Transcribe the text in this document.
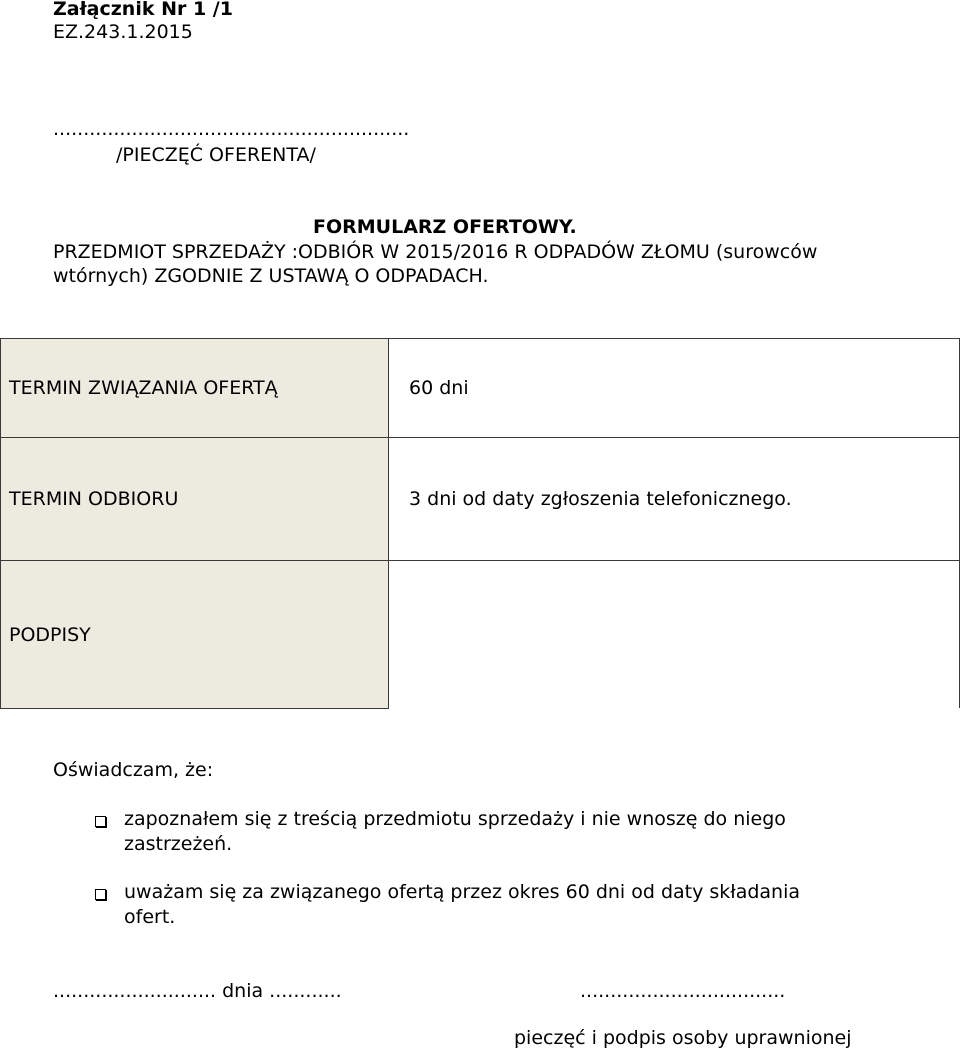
Załącznik Nr 1 /1
EZ.243.1.2015
...........................................................
/PIECZĘĆ OFERENTA/
FORMULARZ OFERTOWY.
PRZEDMIOT SPRZEDAŻY :ODBIÓR W 2015/2016 R ODPADÓW ZŁOMU (surowców
wtórnych) ZGODNIE Z USTAWĄ O ODPADACH.
TERMIN ZWIĄZANIA OFERTĄ	60 dni
TERMIN ODBIORU	3 dni od daty zgłoszenia telefonicznego.
PODPISY	
Oświadczam, że:
zapoznałem się z treścią przedmiotu sprzedaży i nie wnoszę do niego
zastrzeżeń.
uważam się za związanego ofertą przez okres 60 dni od daty składania
ofert.
........................... dnia ............	..................................
pieczęć i podpis osoby uprawnionej
